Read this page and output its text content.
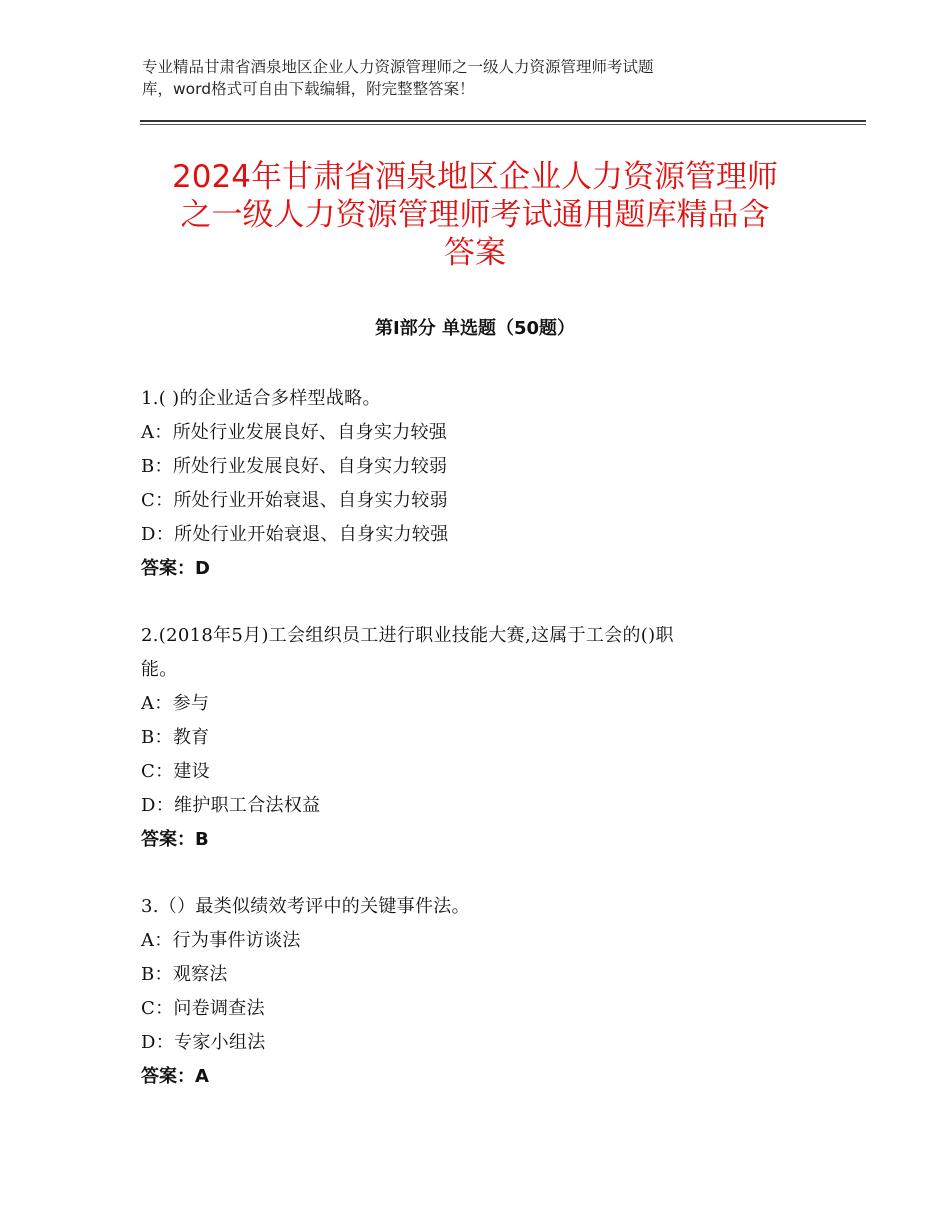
专业精品甘肃省酒泉地区企业人力资源管理师之一级人力资源管理师考试题
库，word格式可自由下载编辑，附完整整答案！
2024年甘肃省酒泉地区企业人力资源管理师
之一级人力资源管理师考试通用题库精品含
答案
第Ⅰ部分 单选题（50题）
1.( )的企业适合多样型战略。
A：所处行业发展良好、自身实力较强
B：所处行业发展良好、自身实力较弱
C：所处行业开始衰退、自身实力较弱
D：所处行业开始衰退、自身实力较强
答案：D
2.(2018年5月)工会组织员工进行职业技能大赛,这属于工会的()职
能。
A：参与
B：教育
C：建设
D：维护职工合法权益
答案：B
3.（）最类似绩效考评中的关键事件法。
A：行为事件访谈法
B：观察法
C：问卷调查法
D：专家小组法
答案：A
